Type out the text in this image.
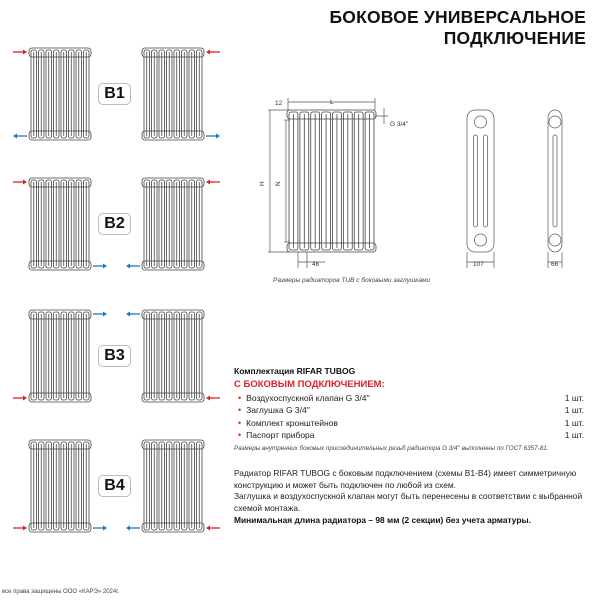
БОКОВОЕ УНИВЕРСАЛЬНОЕ
ПОДКЛЮЧЕНИЕ
B1
B2
B3
B4
12	L
H N
46
G 3/4''
107	66
Размеры радиаторов TUB с боковыми заглушками
Комплектация RIFAR TUBOG
С БОКОВЫМ ПОДКЛЮЧЕНИЕМ:
• Воздухоспускной клапан G 3/4''	1 шт.
• Заглушка G 3/4''	1 шт.
• Комплект кронштейнов	1 шт.
• Паспорт прибора	1 шт.
Размеры внутренних боковых присоединительных резьб радиатора G 3/4'' выполнены по ГОСТ 6357-81.
Радиатор RIFAR TUBOG с боковым подключением (схемы B1-B4) имеет симметричную конструкцию и может быть подключен по любой из схем.
Заглушка и воздухоспускной клапан могут быть перенесены в соответствии с выбранной схемой монтажа.
Минимальная длина радиатора – 98 мм (2 секции) без учета арматуры.
все права защищены ООО «КАРЭ» 2024г.
